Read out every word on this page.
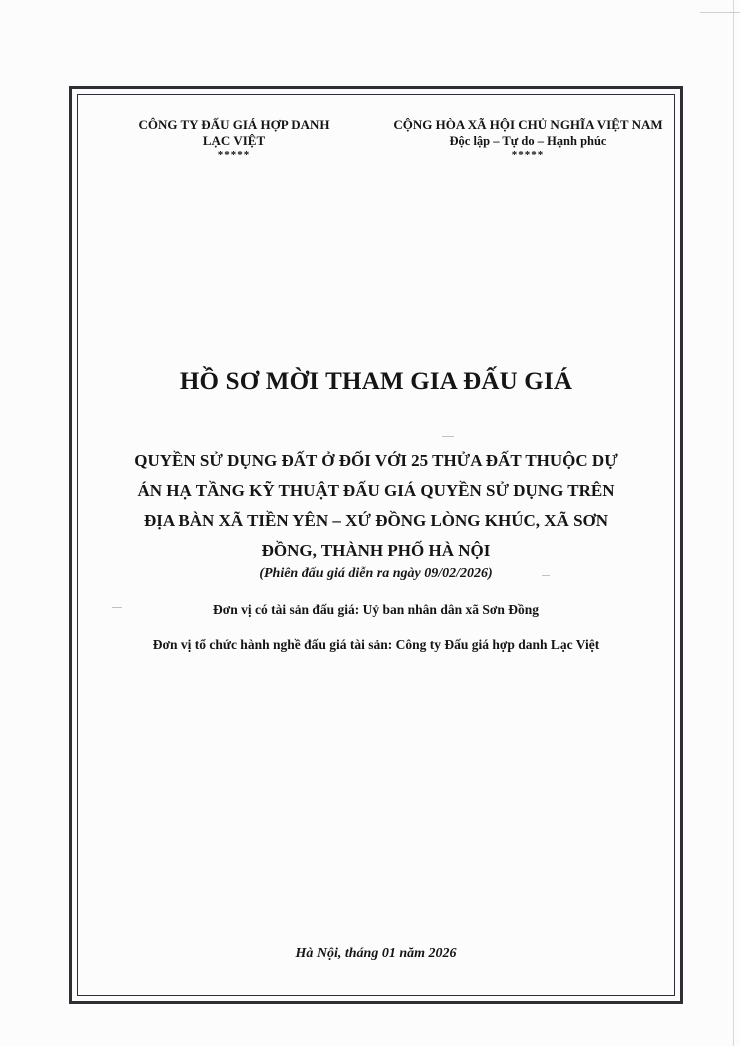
CÔNG TY ĐẤU GIÁ HỢP DANH
LẠC VIỆT
*****
CỘNG HÒA XÃ HỘI CHỦ NGHĨA VIỆT NAM
Độc lập – Tự do – Hạnh phúc
*****
HỒ SƠ MỜI THAM GIA ĐẤU GIÁ
QUYỀN SỬ DỤNG ĐẤT Ở ĐỐI VỚI 25 THỬA ĐẤT THUỘC DỰ
ÁN HẠ TẦNG KỸ THUẬT ĐẤU GIÁ QUYỀN SỬ DỤNG TRÊN
ĐỊA BÀN XÃ TIỀN YÊN – XỨ ĐỒNG LÒNG KHÚC, XÃ SƠN
ĐỒNG, THÀNH PHỐ HÀ NỘI
(Phiên đấu giá diễn ra ngày 09/02/2026)
Đơn vị có tài sản đấu giá: Uỷ ban nhân dân xã Sơn Đồng
Đơn vị tổ chức hành nghề đấu giá tài sản: Công ty Đấu giá hợp danh Lạc Việt
Hà Nội, tháng 01 năm 2026
